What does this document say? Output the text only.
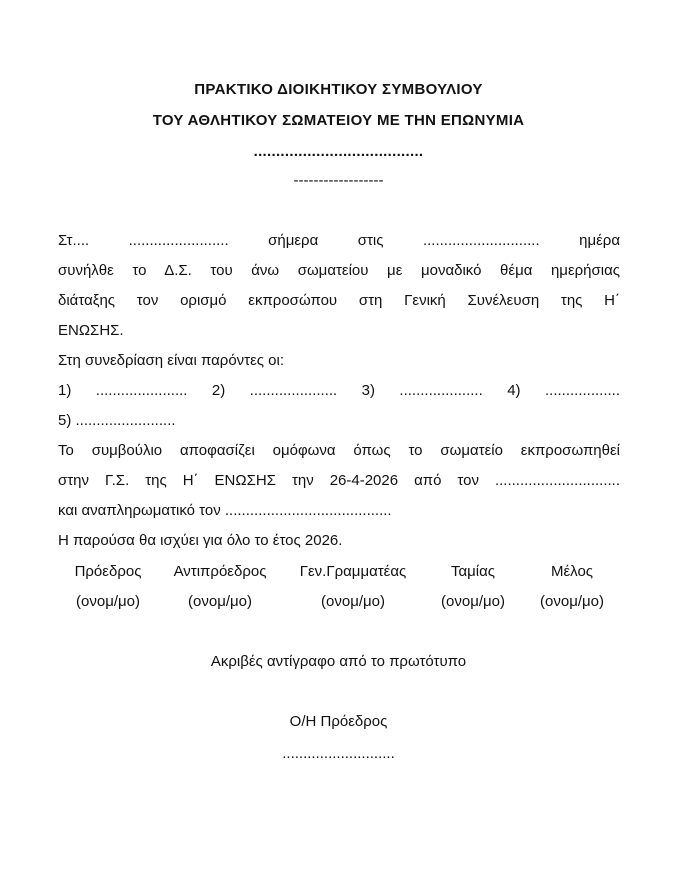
ΠΡΑΚΤΙΚΟ ΔΙΟΙΚΗΤΙΚΟΥ ΣΥΜΒΟΥΛΙΟΥ
ΤΟΥ ΑΘΛΗΤΙΚΟΥ ΣΩΜΑΤΕΙΟΥ ΜΕ ΤΗΝ ΕΠΩΝΥΜΙΑ
......................................
------------------
Στ.... ........................ σήμερα στις ............................ ημέρα
συνήλθε το Δ.Σ. του άνω σωματείου με μοναδικό θέμα ημερήσιας
διάταξης τον ορισμό εκπροσώπου στη Γενική Συνέλευση της Η΄
ΕΝΩΣΗΣ.
Στη συνεδρίαση είναι παρόντες οι:
1) ...................... 2) ..................... 3) .................... 4) ..................
5) ........................
Το συμβούλιο αποφασίζει ομόφωνα όπως το σωματείο εκπροσωπηθεί
στην Γ.Σ. της Η΄ ΕΝΩΣΗΣ την 26-4-2026 από τον ..............................
και αναπληρωματικό τον ........................................
Η παρούσα θα ισχύει για όλο το έτος 2026.
Πρόεδρος Αντιπρόεδρος Γεν.Γραμματέας	Ταμίας	Μέλος
(ονομ/μο)	(ονομ/μο)	(ονομ/μο)	(ονομ/μο) (ονομ/μο)
Ακριβές αντίγραφο από το πρωτότυπο
Ο/Η Πρόεδρος
...........................
